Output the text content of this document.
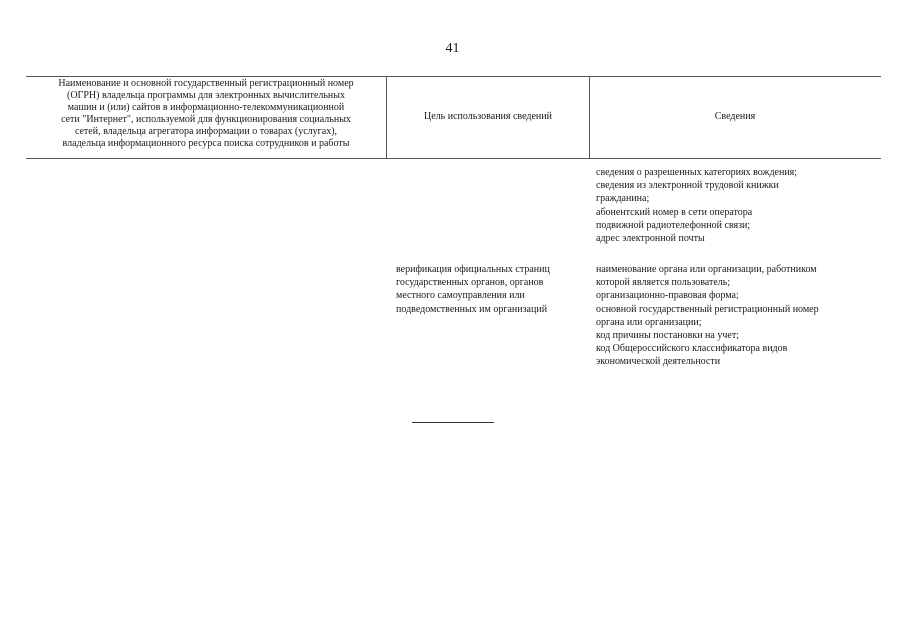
41
Наименование и основной государственный регистрационный номер
(ОГРН) владельца программы для электронных вычислительных
машин и (или) сайтов в информационно-телекоммуникационной
сети "Интернет", используемой для функционирования социальных
сетей, владельца агрегатора информации о товарах (услугах),
владельца информационного ресурса поиска сотрудников и работы
Цель использования сведений	Сведения
сведения о разрешенных категориях вождения;
сведения из электронной трудовой книжки
гражданина;
абонентский номер в сети оператора
подвижной радиотелефонной связи;
адрес электронной почты
верификация официальных страниц
государственных органов, органов
местного самоуправления или
подведомственных им организаций
наименование органа или организации, работником
которой является пользователь;
организационно-правовая форма;
основной государственный регистрационный номер
органа или организации;
код причины постановки на учет;
код Общероссийского классификатора видов
экономической деятельности
